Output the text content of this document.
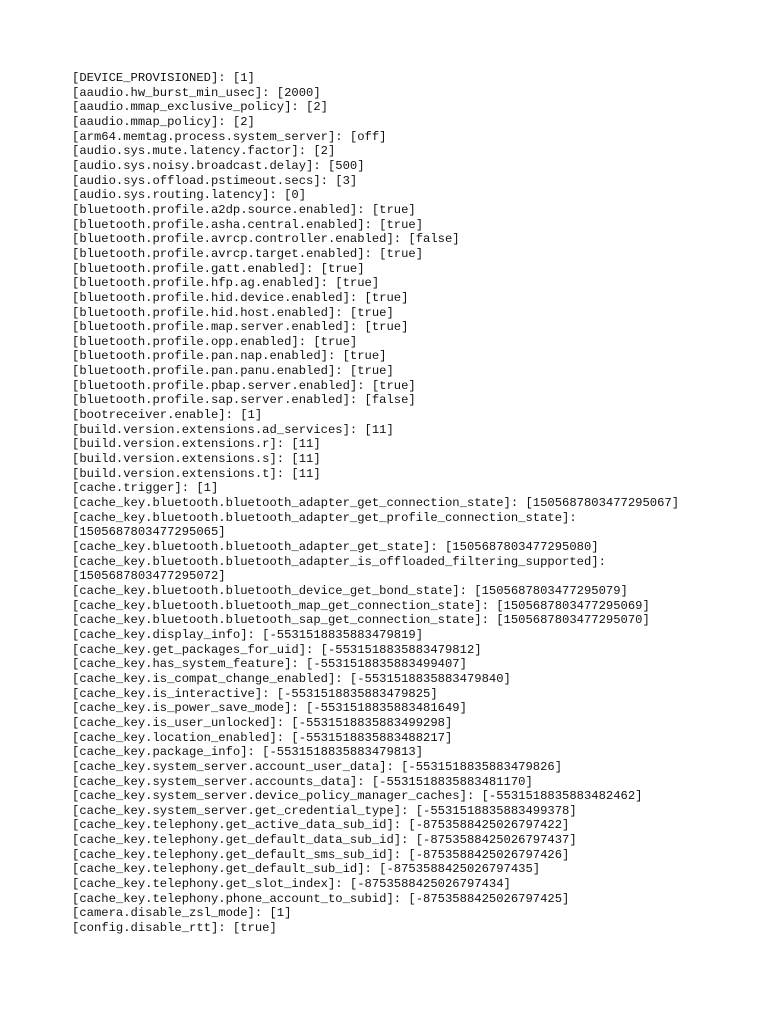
[DEVICE_PROVISIONED]: [1]
[aaudio.hw_burst_min_usec]: [2000]
[aaudio.mmap_exclusive_policy]: [2]
[aaudio.mmap_policy]: [2]
[arm64.memtag.process.system_server]: [off]
[audio.sys.mute.latency.factor]: [2]
[audio.sys.noisy.broadcast.delay]: [500]
[audio.sys.offload.pstimeout.secs]: [3]
[audio.sys.routing.latency]: [0]
[bluetooth.profile.a2dp.source.enabled]: [true]
[bluetooth.profile.asha.central.enabled]: [true]
[bluetooth.profile.avrcp.controller.enabled]: [false]
[bluetooth.profile.avrcp.target.enabled]: [true]
[bluetooth.profile.gatt.enabled]: [true]
[bluetooth.profile.hfp.ag.enabled]: [true]
[bluetooth.profile.hid.device.enabled]: [true]
[bluetooth.profile.hid.host.enabled]: [true]
[bluetooth.profile.map.server.enabled]: [true]
[bluetooth.profile.opp.enabled]: [true]
[bluetooth.profile.pan.nap.enabled]: [true]
[bluetooth.profile.pan.panu.enabled]: [true]
[bluetooth.profile.pbap.server.enabled]: [true]
[bluetooth.profile.sap.server.enabled]: [false]
[bootreceiver.enable]: [1]
[build.version.extensions.ad_services]: [11]
[build.version.extensions.r]: [11]
[build.version.extensions.s]: [11]
[build.version.extensions.t]: [11]
[cache.trigger]: [1]
[cache_key.bluetooth.bluetooth_adapter_get_connection_state]: [1505687803477295067]
[cache_key.bluetooth.bluetooth_adapter_get_profile_connection_state]:
[1505687803477295065]
[cache_key.bluetooth.bluetooth_adapter_get_state]: [1505687803477295080]
[cache_key.bluetooth.bluetooth_adapter_is_offloaded_filtering_supported]:
[1505687803477295072]
[cache_key.bluetooth.bluetooth_device_get_bond_state]: [1505687803477295079]
[cache_key.bluetooth.bluetooth_map_get_connection_state]: [1505687803477295069]
[cache_key.bluetooth.bluetooth_sap_get_connection_state]: [1505687803477295070]
[cache_key.display_info]: [-5531518835883479819]
[cache_key.get_packages_for_uid]: [-5531518835883479812]
[cache_key.has_system_feature]: [-5531518835883499407]
[cache_key.is_compat_change_enabled]: [-5531518835883479840]
[cache_key.is_interactive]: [-5531518835883479825]
[cache_key.is_power_save_mode]: [-5531518835883481649]
[cache_key.is_user_unlocked]: [-5531518835883499298]
[cache_key.location_enabled]: [-5531518835883488217]
[cache_key.package_info]: [-5531518835883479813]
[cache_key.system_server.account_user_data]: [-5531518835883479826]
[cache_key.system_server.accounts_data]: [-5531518835883481170]
[cache_key.system_server.device_policy_manager_caches]: [-5531518835883482462]
[cache_key.system_server.get_credential_type]: [-5531518835883499378]
[cache_key.telephony.get_active_data_sub_id]: [-8753588425026797422]
[cache_key.telephony.get_default_data_sub_id]: [-8753588425026797437]
[cache_key.telephony.get_default_sms_sub_id]: [-8753588425026797426]
[cache_key.telephony.get_default_sub_id]: [-8753588425026797435]
[cache_key.telephony.get_slot_index]: [-8753588425026797434]
[cache_key.telephony.phone_account_to_subid]: [-8753588425026797425]
[camera.disable_zsl_mode]: [1]
[config.disable_rtt]: [true]
